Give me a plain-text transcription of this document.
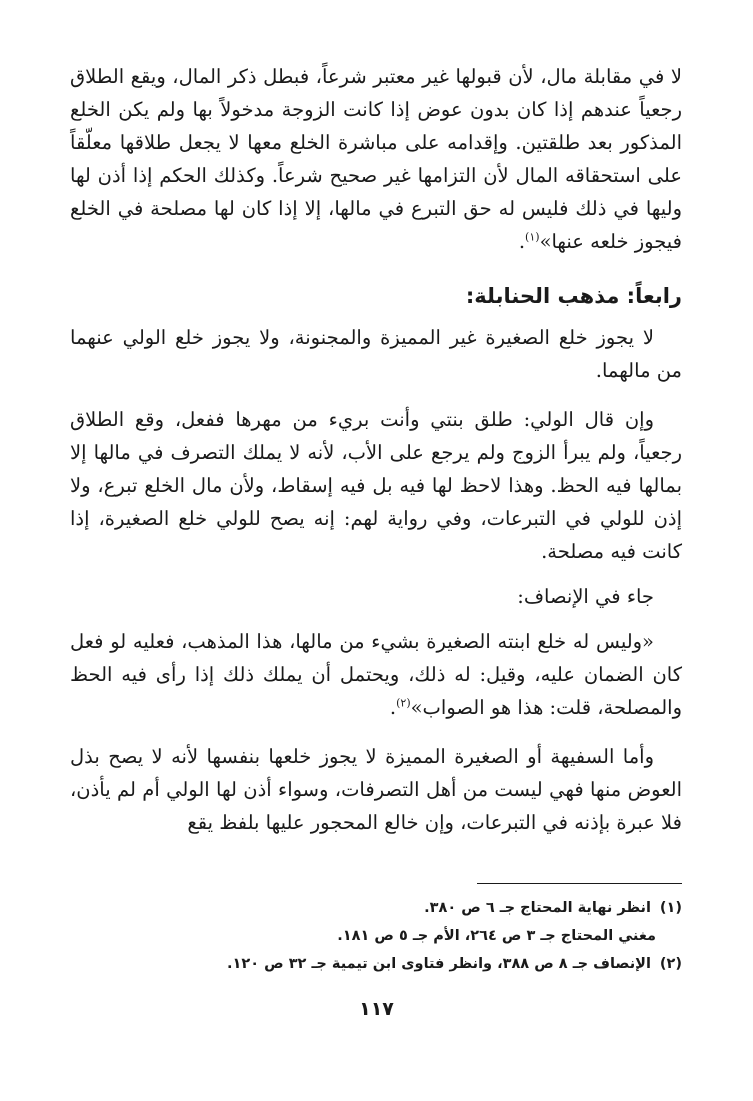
لا في مقابلة مال، لأن قبولها غير معتبر شرعاً، فبطل ذكر المال، ويقع الطلاق رجعياً عندهم إذا كان بدون عوض إذا كانت الزوجة مدخولاً بها ولم يكن الخلع المذكور بعد طلقتين. وإقدامه على مباشرة الخلع معها لا يجعل طلاقها معلّقاً على استحقاقه المال لأن التزامها غير صحيح شرعاً. وكذلك الحكم إذا أذن لها وليها في ذلك فليس له حق التبرع في مالها، إلا إذا كان لها مصلحة في الخلع فيجوز خلعه عنها»$^{(١)}$.

رابعاً: مذهب الحنابلة:

لا يجوز خلع الصغيرة غير المميزة والمجنونة، ولا يجوز خلع الولي عنهما من مالهما.

وإن قال الولي: طلق بنتي وأنت بريء من مهرها ففعل، وقع الطلاق رجعياً، ولم يبرأ الزوج ولم يرجع على الأب، لأنه لا يملك التصرف في مالها إلا بمالها فيه الحظ. وهذا لاحظ لها فيه بل فيه إسقاط، ولأن مال الخلع تبرع، ولا إذن للولي في التبرعات، وفي رواية لهم: إنه يصح للولي خلع الصغيرة، إذا كانت فيه مصلحة.

جاء في الإنصاف:

«وليس له خلع ابنته الصغيرة بشيء من مالها، هذا المذهب، فعليه لو فعل كان الضمان عليه، وقيل: له ذلك، ويحتمل أن يملك ذلك إذا رأى فيه الحظ والمصلحة، قلت: هذا هو الصواب»$^{(٢)}$.

وأما السفيهة أو الصغيرة المميزة لا يجوز خلعها بنفسها لأنه لا يصح بذل العوض منها فهي ليست من أهل التصرفات، وسواء أذن لها الولي أم لم يأذن، فلا عبرة بإذنه في التبرعات، وإن خالع المحجور عليها بلفظ يقع

(١) انظر نهاية المحتاج جـ ٦ ص ٣٨٠.
مغني المحتاج جـ ٣ ص ٢٦٤، الأم جـ ٥ ص ١٨١.
(٢) الإنصاف جـ ٨ ص ٣٨٨، وانظر فتاوى ابن تيمية جـ ٣٢ ص ١٢٠.
١١٧
